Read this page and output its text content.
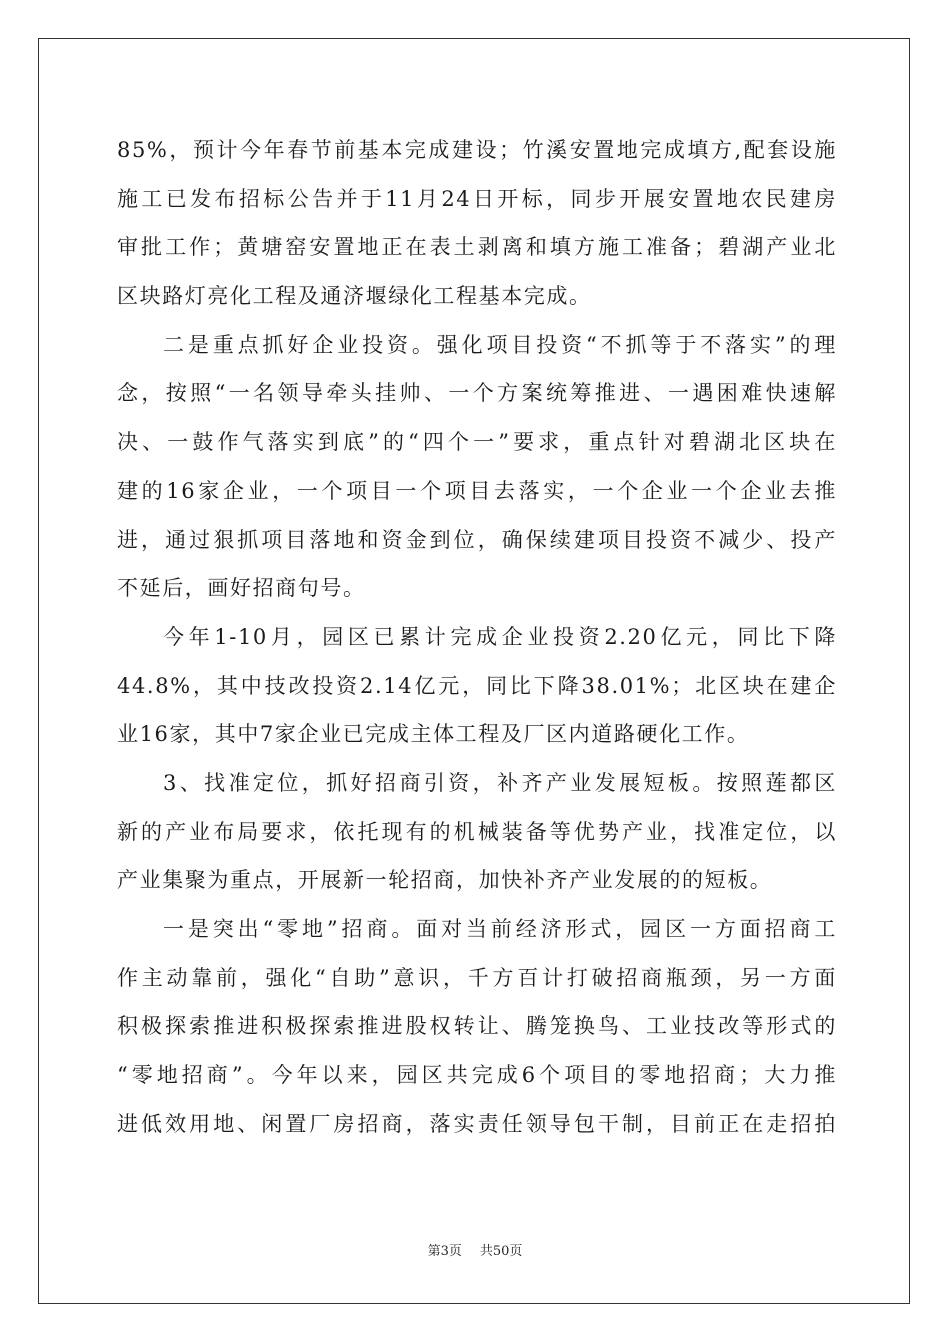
85%，预计今年春节前基本完成建设；竹溪安置地完成填方,配套设施
施工已发布招标公告并于11月24日开标，同步开展安置地农民建房
审批工作；黄塘窑安置地正在表土剥离和填方施工准备；碧湖产业北
区块路灯亮化工程及通济堰绿化工程基本完成。
二是重点抓好企业投资。强化项目投资“不抓等于不落实”的理
念，按照“一名领导牵头挂帅、一个方案统筹推进、一遇困难快速解
决、一鼓作气落实到底”的“四个一”要求，重点针对碧湖北区块在
建的16家企业，一个项目一个项目去落实，一个企业一个企业去推
进，通过狠抓项目落地和资金到位，确保续建项目投资不减少、投产
不延后，画好招商句号。
今年1-10月，园区已累计完成企业投资2.20亿元，同比下降
44.8%，其中技改投资2.14亿元，同比下降38.01%；北区块在建企
业16家，其中7家企业已完成主体工程及厂区内道路硬化工作。
3、找准定位，抓好招商引资，补齐产业发展短板。按照莲都区
新的产业布局要求，依托现有的机械装备等优势产业，找准定位，以
产业集聚为重点，开展新一轮招商，加快补齐产业发展的的短板。
一是突出“零地”招商。面对当前经济形式，园区一方面招商工
作主动靠前，强化“自助”意识，千方百计打破招商瓶颈，另一方面
积极探索推进积极探索推进股权转让、腾笼换鸟、工业技改等形式的
“零地招商”。今年以来，园区共完成6个项目的零地招商；大力推
进低效用地、闲置厂房招商，落实责任领导包干制，目前正在走招拍
第3页 共50页
